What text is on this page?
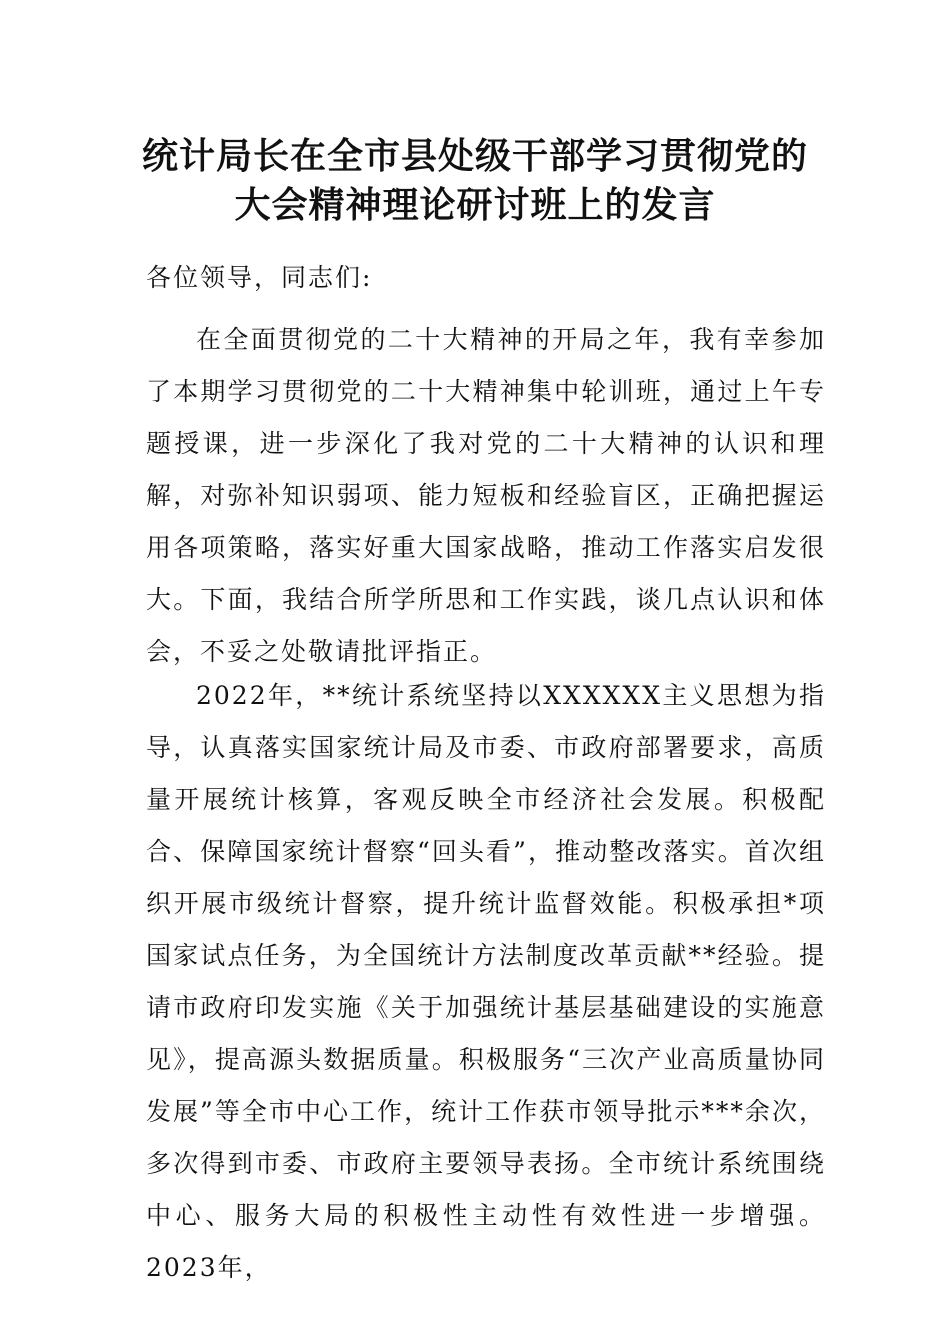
统计局长在全市县处级干部学习贯彻党的
大会精神理论研讨班上的发言

各位领导，同志们:

在全面贯彻党的二十大精神的开局之年，我有幸参加了本期学习贯彻党的二十大精神集中轮训班，通过上午专题授课，进一步深化了我对党的二十大精神的认识和理解，对弥补知识弱项、能力短板和经验盲区，正确把握运用各项策略，落实好重大国家战略，推动工作落实启发很大。下面，我结合所学所思和工作实践，谈几点认识和体会，不妥之处敬请批评指正。

2022年，**统计系统坚持以XXXXXX主义思想为指导，认真落实国家统计局及市委、市政府部署要求，高质量开展统计核算，客观反映全市经济社会发展。积极配合、保障国家统计督察“回头看”，推动整改落实。首次组织开展市级统计督察，提升统计监督效能。积极承担*项国家试点任务，为全国统计方法制度改革贡献**经验。提请市政府印发实施《关于加强统计基层基础建设的实施意见》，提高源头数据质量。积极服务“三次产业高质量协同发展”等全市中心工作，统计工作获市领导批示***余次，多次得到市委、市政府主要领导表扬。全市统计系统围绕中心、服务大局的积极性主动性有效性进一步增强。2023年，
